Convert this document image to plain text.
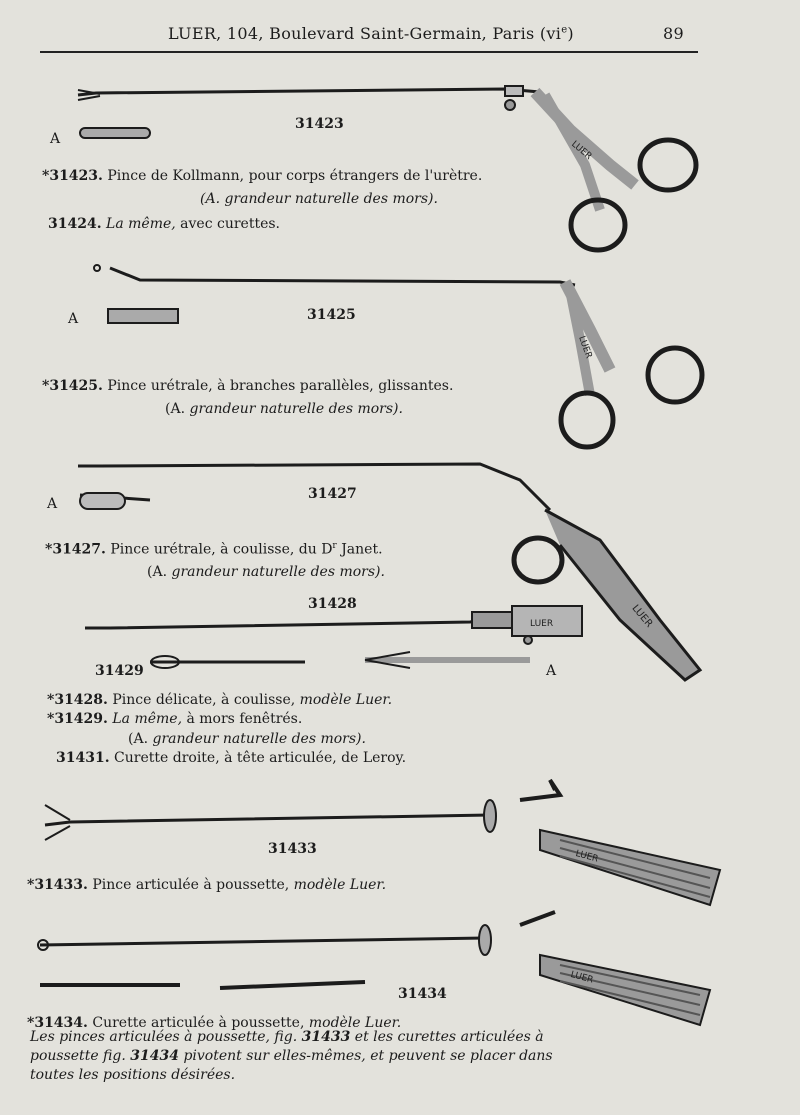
LUER, 104, Boulevard Saint-Germain, Paris $(vi^e)$	89
LUER
LUER
LUER
LUER
LUER
LUER
31423
A
31425
A
31427
A
31428
31429	A
31433
31434
*31423. Pince de Kollmann, pour corps étrangers de l'urètre.
(A. grandeur naturelle des mors).
31424. La même, avec curettes.
*31425. Pince urétrale, à branches parallèles, glissantes.
(A. grandeur naturelle des mors).
*31427. Pince urétrale, à coulisse, du $D^r$ Janet.
(A. grandeur naturelle des mors).
*31428. Pince délicate, à coulisse, modèle Luer.
*31429. La même, à mors fenêtrés.
(A. grandeur naturelle des mors).
31431. Curette droite, à tête articulée, de Leroy.
*31433. Pince articulée à poussette, modèle Luer.
*31434. Curette articulée à poussette, modèle Luer.
Les pinces articulées à poussette, fig. 31433 et les curettes articulées à poussette fig. 31434 pivotent sur elles-mêmes, et peuvent se placer dans toutes les positions désirées.
